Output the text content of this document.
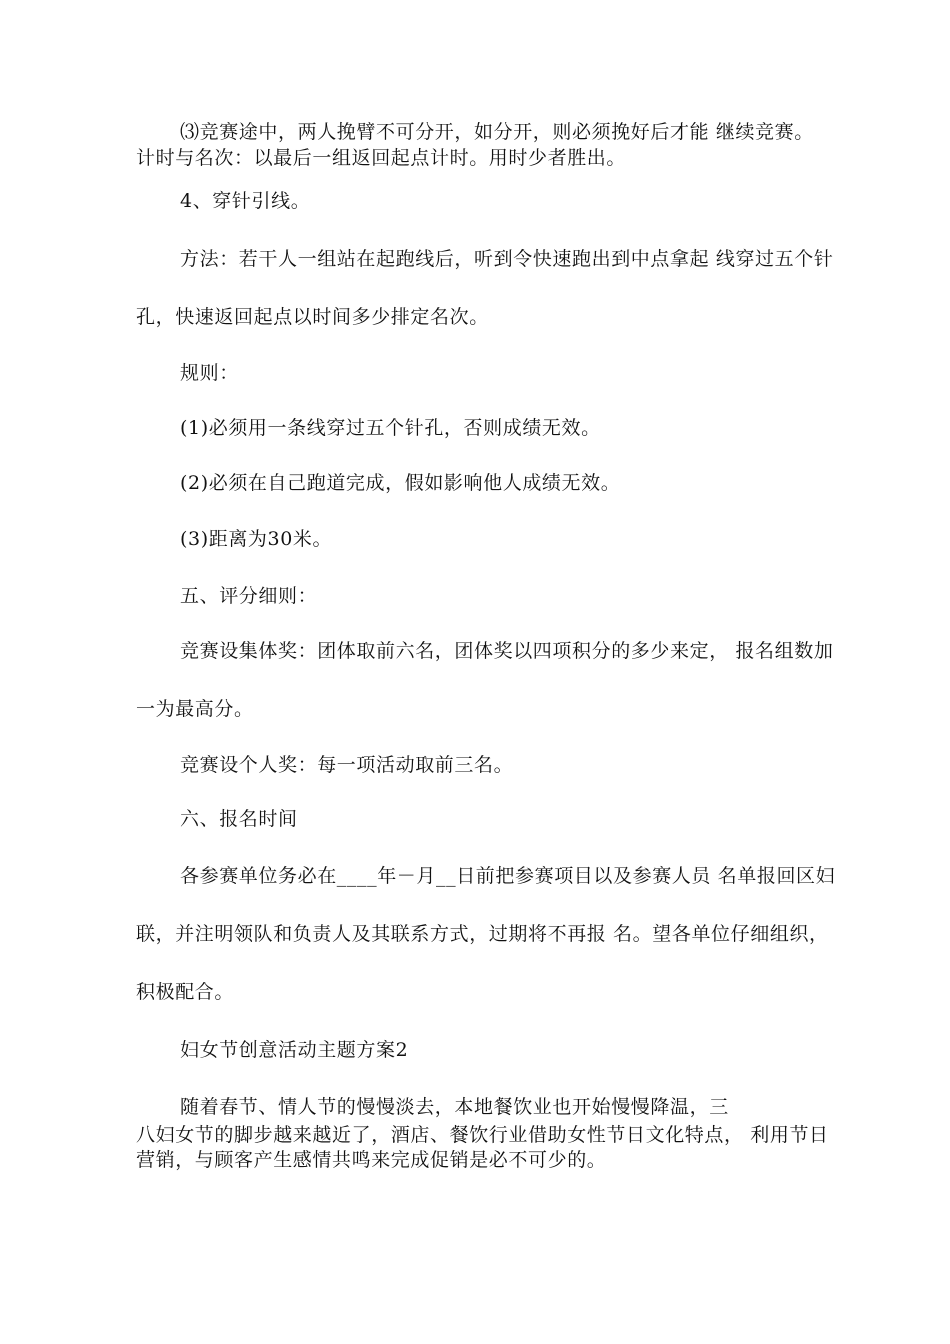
⑶竞赛途中，两人挽臂不可分开，如分开，则必须挽好后才能 继续竞赛。
计时与名次：以最后一组返回起点计时。用时少者胜出。
4、穿针引线。
方法：若干人一组站在起跑线后，听到令快速跑出到中点拿起 线穿过五个针
孔，快速返回起点以时间多少排定名次。
规则：
(1)必须用一条线穿过五个针孔，否则成绩无效。
(2)必须在自己跑道完成，假如影响他人成绩无效。
(3)距离为30米。
五、评分细则：
竞赛设集体奖：团体取前六名，团体奖以四项积分的多少来定， 报名组数加
一为最高分。
竞赛设个人奖：每一项活动取前三名。
六、报名时间
各参赛单位务必在____年－月__日前把参赛项目以及参赛人员 名单报回区妇
联，并注明领队和负责人及其联系方式，过期将不再报 名。望各单位仔细组织，
积极配合。
妇女节创意活动主题方案2
随着春节、情人节的慢慢淡去，本地餐饮业也开始慢慢降温，三
八妇女节的脚步越来越近了，酒店、餐饮行业借助女性节日文化特点， 利用节日
营销，与顾客产生感情共鸣来完成促销是必不可少的。
